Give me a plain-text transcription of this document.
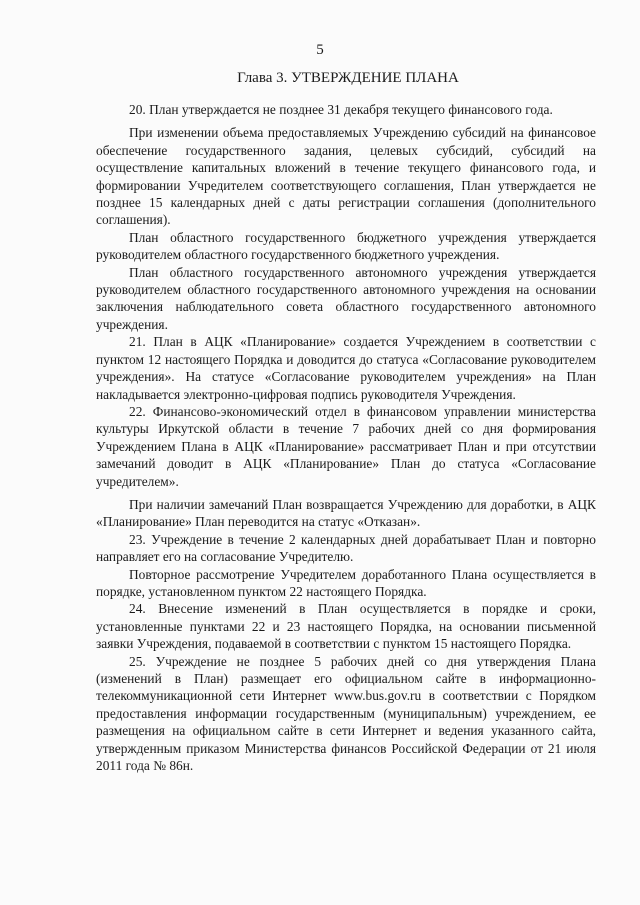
5
Глава 3. УТВЕРЖДЕНИЕ ПЛАНА

20. План утверждается не позднее 31 декабря текущего финансового года.

При изменении объема предоставляемых Учреждению субсидий на финансовое обеспечение государственного задания, целевых субсидий, субсидий на осуществление капитальных вложений в течение текущего финансового года, и формировании Учредителем соответствующего соглашения, План утверждается не позднее 15 календарных дней с даты регистрации соглашения (дополнительного соглашения).

План областного государственного бюджетного учреждения утверждается руководителем областного государственного бюджетного учреждения.

План областного государственного автономного учреждения утверждается руководителем областного государственного автономного учреждения на основании заключения наблюдательного совета областного государственного автономного учреждения.

21. План в АЦК «Планирование» создается Учреждением в соответствии с пунктом 12 настоящего Порядка и доводится до статуса «Согласование руководителем учреждения». На статусе «Согласование руководителем учреждения» на План накладывается электронно-цифровая подпись руководителя Учреждения.

22. Финансово-экономический отдел в финансовом управлении министерства культуры Иркутской области в течение 7 рабочих дней со дня формирования Учреждением Плана в АЦК «Планирование» рассматривает План и при отсутствии замечаний доводит в АЦК «Планирование» План до статуса «Согласование учредителем».

При наличии замечаний План возвращается Учреждению для доработки, в АЦК «Планирование» План переводится на статус «Отказан».

23. Учреждение в течение 2 календарных дней дорабатывает План и повторно направляет его на согласование Учредителю.

Повторное рассмотрение Учредителем доработанного Плана осуществляется в порядке, установленном пунктом 22 настоящего Порядка.

24. Внесение изменений в План осуществляется в порядке и сроки, установленные пунктами 22 и 23 настоящего Порядка, на основании письменной заявки Учреждения, подаваемой в соответствии с пунктом 15 настоящего Порядка.

25. Учреждение не позднее 5 рабочих дней со дня утверждения Плана (изменений в План) размещает его официальном сайте в информационно-телекоммуникационной сети Интернет www.bus.gov.ru в соответствии с Порядком предоставления информации государственным (муниципальным) учреждением, ее размещения на официальном сайте в сети Интернет и ведения указанного сайта, утвержденным приказом Министерства финансов Российской Федерации от 21 июля 2011 года № 86н.
